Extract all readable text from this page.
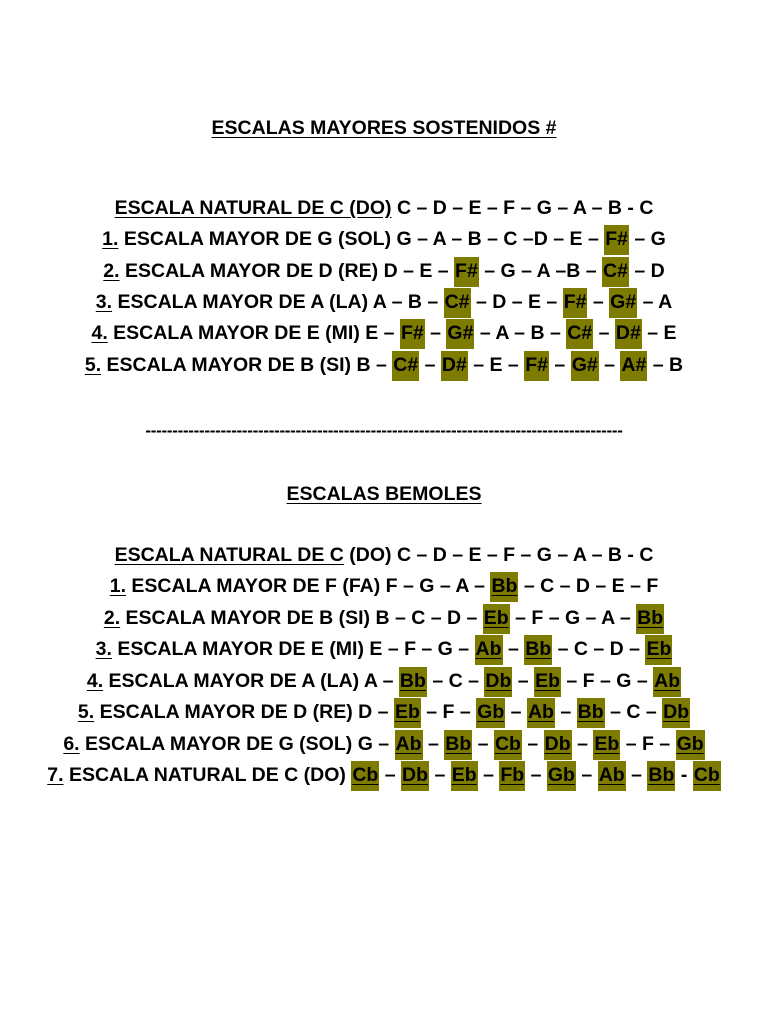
ESCALAS MAYORES SOSTENIDOS #
ESCALA NATURAL DE C (DO) C – D – E – F – G – A – B - C
1. ESCALA MAYOR DE G (SOL) G – A – B – C –D – E – F# – G
2. ESCALA MAYOR DE D (RE) D – E – F# – G – A –B – C# – D
3. ESCALA MAYOR DE A (LA) A – B – C# – D – E – F# – G# – A
4. ESCALA MAYOR DE E (MI) E – F# – G# – A – B – C# – D# – E
5. ESCALA MAYOR DE B (SI) B – C# – D# – E – F# – G# – A# – B
-----------------------------------------------------------------------------------------
ESCALAS BEMOLES
ESCALA NATURAL DE C (DO) C – D – E – F – G – A – B - C
1. ESCALA MAYOR DE F (FA) F – G – A – Bb – C – D – E – F
2. ESCALA MAYOR DE B (SI) B – C – D – Eb – F – G – A – Bb
3. ESCALA MAYOR DE E (MI) E – F – G – Ab – Bb – C – D – Eb
4. ESCALA MAYOR DE A (LA) A – Bb – C – Db – Eb – F – G – Ab
5. ESCALA MAYOR DE D (RE) D – Eb – F – Gb – Ab – Bb – C – Db
6. ESCALA MAYOR DE G (SOL) G – Ab – Bb – Cb – Db – Eb – F – Gb
7. ESCALA NATURAL DE C (DO) Cb – Db – Eb – Fb – Gb – Ab – Bb - Cb
